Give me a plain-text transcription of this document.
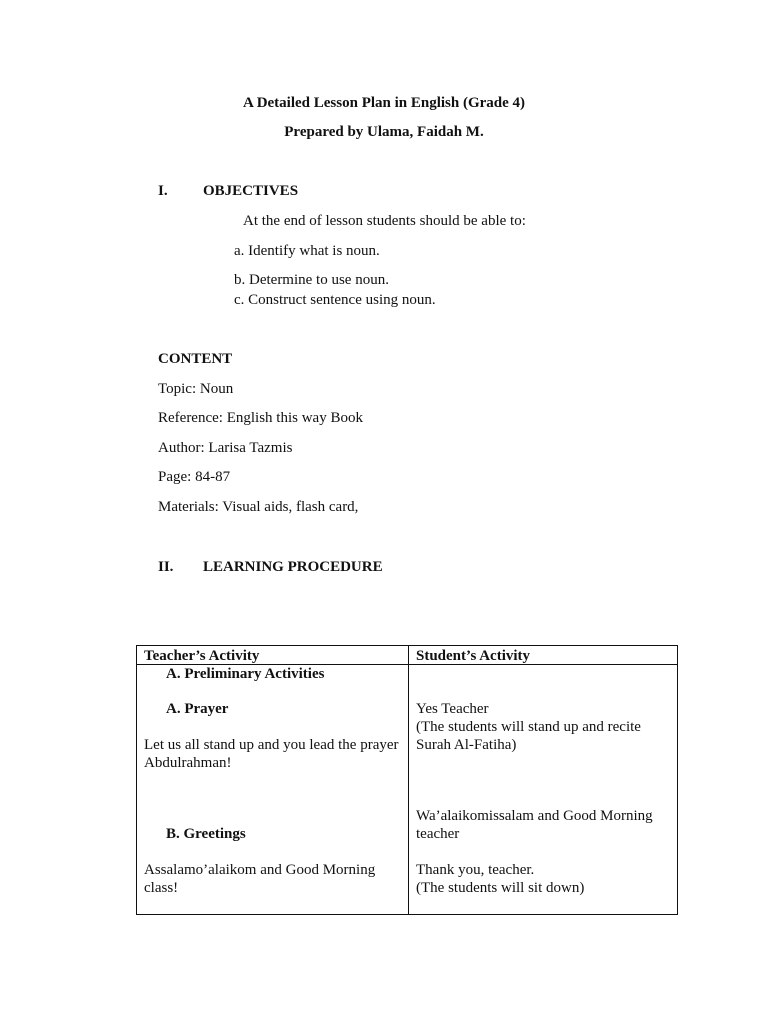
A Detailed Lesson Plan in English (Grade 4)
Prepared by Ulama, Faidah M.
I. OBJECTIVES
At the end of lesson students should be able to:
a. Identify what is noun.
b. Determine to use noun.
c. Construct sentence using noun.
CONTENT
Topic: Noun
Reference: English this way Book
Author: Larisa Tazmis
Page: 84-87
Materials: Visual aids, flash card,
II. LEARNING PROCEDURE
Teacher’s Activity	Student’s Activity
A. Preliminary Activities
A. Prayer
Let us all stand up and you lead the prayer
Abdulrahman!
B. Greetings
Assalamo’alaikom and Good Morning
class!
Yes Teacher
(The students will stand up and recite
Surah Al-Fatiha)
Wa’alaikomissalam and Good Morning
teacher
Thank you, teacher.
(The students will sit down)
